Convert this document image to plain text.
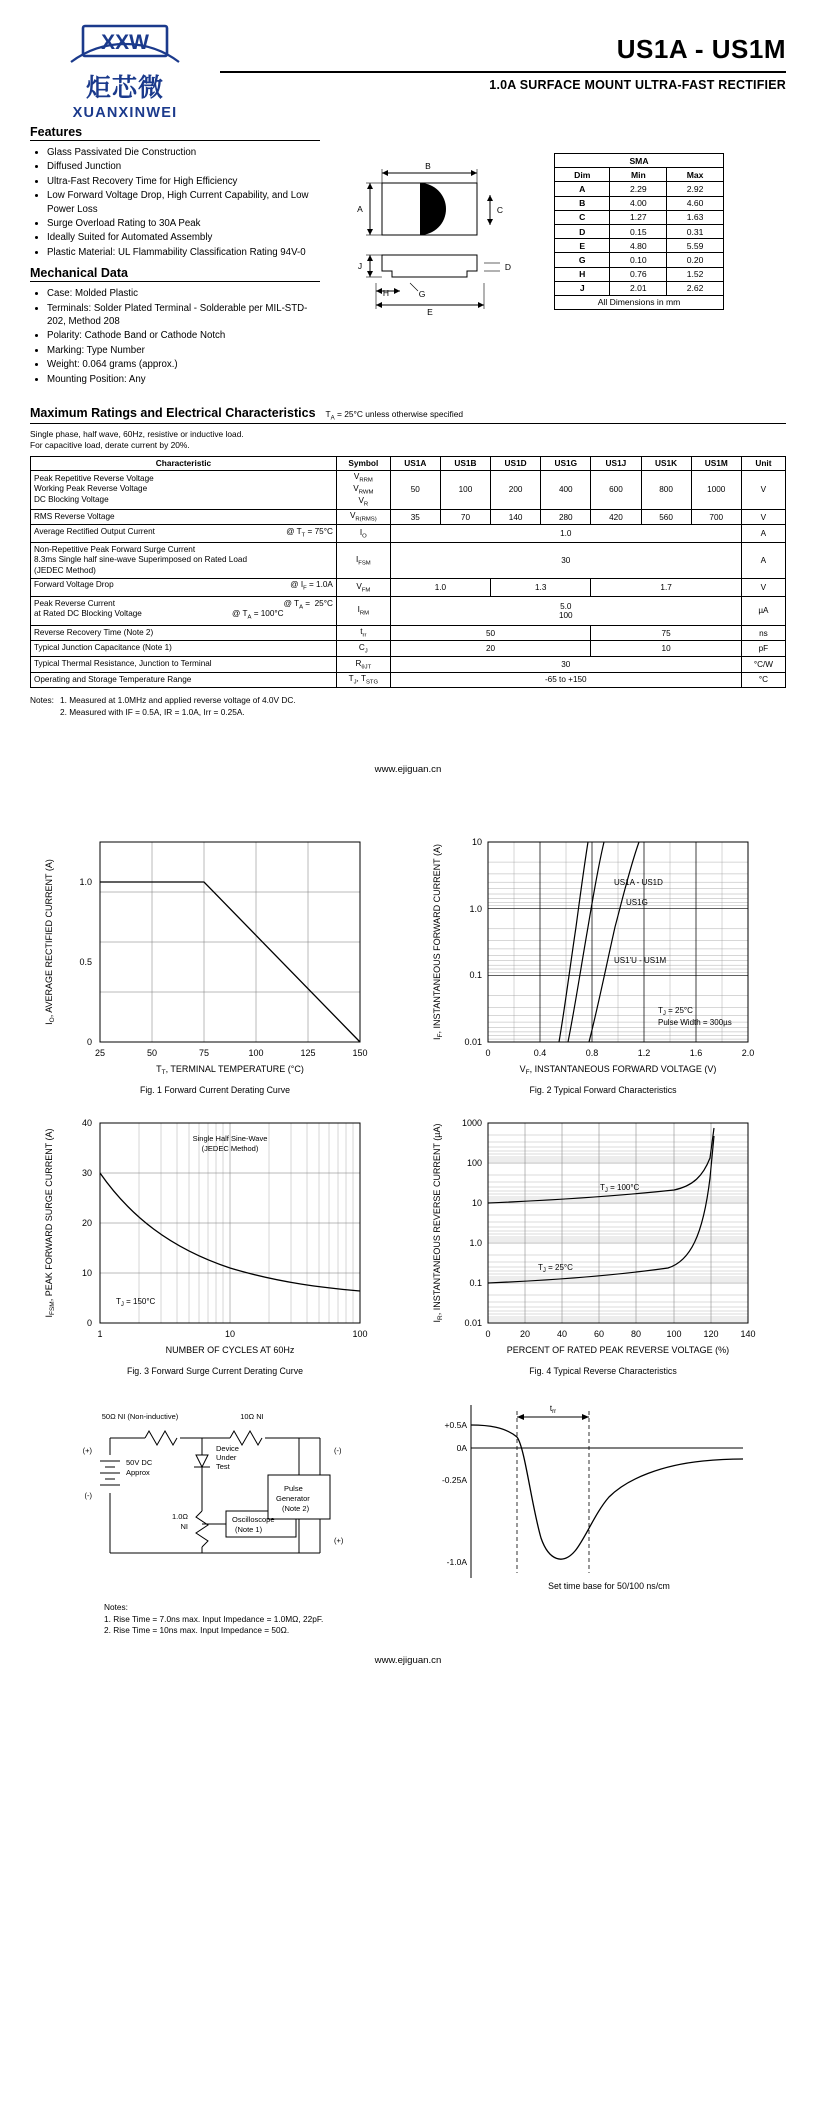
XXW
炬芯微
XUANXINWEI
US1A - US1M
1.0A SURFACE MOUNT ULTRA-FAST RECTIFIER
Features
• Glass Passivated Die Construction
• Diffused Junction
• Ultra-Fast Recovery Time for High Efficiency
• Low Forward Voltage Drop, High Current Capability, and Low Power Loss
• Surge Overload Rating to 30A Peak
• Ideally Suited for Automated Assembly
• Plastic Material: UL Flammability Classification Rating 94V-0
Mechanical Data
• Case: Molded Plastic
• Terminals: Solder Plated Terminal - Solderable per MIL-STD-202, Method 208
• Polarity: Cathode Band or Cathode Notch
• Marking: Type Number
• Weight: 0.064 grams (approx.)
• Mounting Position: Any
B
A	C
D
J
E
H	G
SMA		
Dim	Min	Max
A	2.29	2.92
B	4.00	4.60
C	1.27	1.63
D	0.15	0.31
E	4.80	5.59
G	0.10	0.20
H	0.76	1.52
J	2.01	2.62
All Dimensions in mm		
Maximum Ratings and Electrical Characteristics $T_A = 25^\circ C$ unless otherwise specified
Single phase, half wave, 60Hz, resistive or inductive load.
For capacitive load, derate current by 20%.
Characteristic	Symbol	US1A	US1B	US1D	US1G	US1J	US1K	US1M	Unit
Peak Repetitive Reverse Voltage
Working Peak Reverse Voltage
DC Blocking Voltage	$V_{RRM}$
$V_{RWM}$
$V_R$	50	100	200	400	600	800	1000	V
RMS Reverse Voltage	$V_{R(RMS)}$	35	70	140	280	420	560	700	V
Average Rectified Output Current @ $T_T = 75^\circ C$	$I_O$	1.0							A
Non-Repetitive Peak Forward Surge Current
8.3ms Single half sine-wave Superimposed on Rated Load
(JEDEC Method)	$I_{FSM}$	30							A
Forward Voltage Drop @ $I_F = 1.0A$	$V_{FM}$	1.0		1.3		1.7			V
Peak Reverse Current @ $T_A = 25^\circ C$

at Rated DC Blocking Voltage @ $T_A = 100^\circ C$	$I_{RM}$	5.0
100							µA
Reverse Recovery Time (Note 2)	$t_{rr}$	50				75			ns
Typical Junction Capacitance (Note 1)	$C_J$	20				10			pF
Typical Thermal Resistance, Junction to Terminal	$R_{\theta JT}$	30							°C/W
Operating and Storage Temperature Range	$T_J$, $T_{STG}$	-65 to +150							°C
Notes: 1. Measured at 1.0MHz and applied reverse voltage of 4.0V DC.
2. Measured with IF = 0.5A, IR = 1.0A, Irr = 0.25A.
www.ejiguan.cn
0
0.5
1.0
25	50	75	100	125	150
$T_T$, TERMINAL TEMPERATURE (°C)
$I_O$, AVERAGE RECTIFIED CURRENT (A)
Fig. 1 Forward Current Derating Curve
US1A - US1D
US1G
US1'U - US1M
$T_J = 25^\circ C$
Pulse Width = 300µs
10
1.0
0.1
0.01
0	0.4	0.8	1.2	1.6	2.0
$V_F$, INSTANTANEOUS FORWARD VOLTAGE (V)
$I_F$, INSTANTANEOUS FORWARD CURRENT (A)
Fig. 2 Typical Forward Characteristics
Single Half Sine-Wave
(JEDEC Method)
$T_J = 150^\circ C$
40
30
20
10
0
1	10	100
NUMBER OF CYCLES AT 60Hz
$I_{FSM}$, PEAK FORWARD SURGE CURRENT (A)
Fig. 3 Forward Surge Current Derating Curve
$T_J = 100^\circ C$
$T_J = 25^\circ C$
1000
100
10
1.0
0.1
0.01
0	20	40	60	80	100 120 140
PERCENT OF RATED PEAK REVERSE VOLTAGE (%)
$I_R$, INSTANTANEOUS REVERSE CURRENT (µA)
Fig. 4 Typical Reverse Characteristics
50Ω NI (Non-inductive)	10Ω NI
Device
Under
Test
50V DC
Approx
(+)
(-)
1.0Ω
NI
Oscilloscope
(Note 1)
Pulse
Generator
(Note 2)
(-)
(+)
Notes:
1. Rise Time = 7.0ns max. Input Impedance = 1.0MΩ, 22pF.
2. Rise Time = 10ns max. Input Impedance = 50Ω.
$t_{rr}$
+0.5A
0A
-0.25A
-1.0A
Set time base for 50/100 ns/cm
www.ejiguan.cn
